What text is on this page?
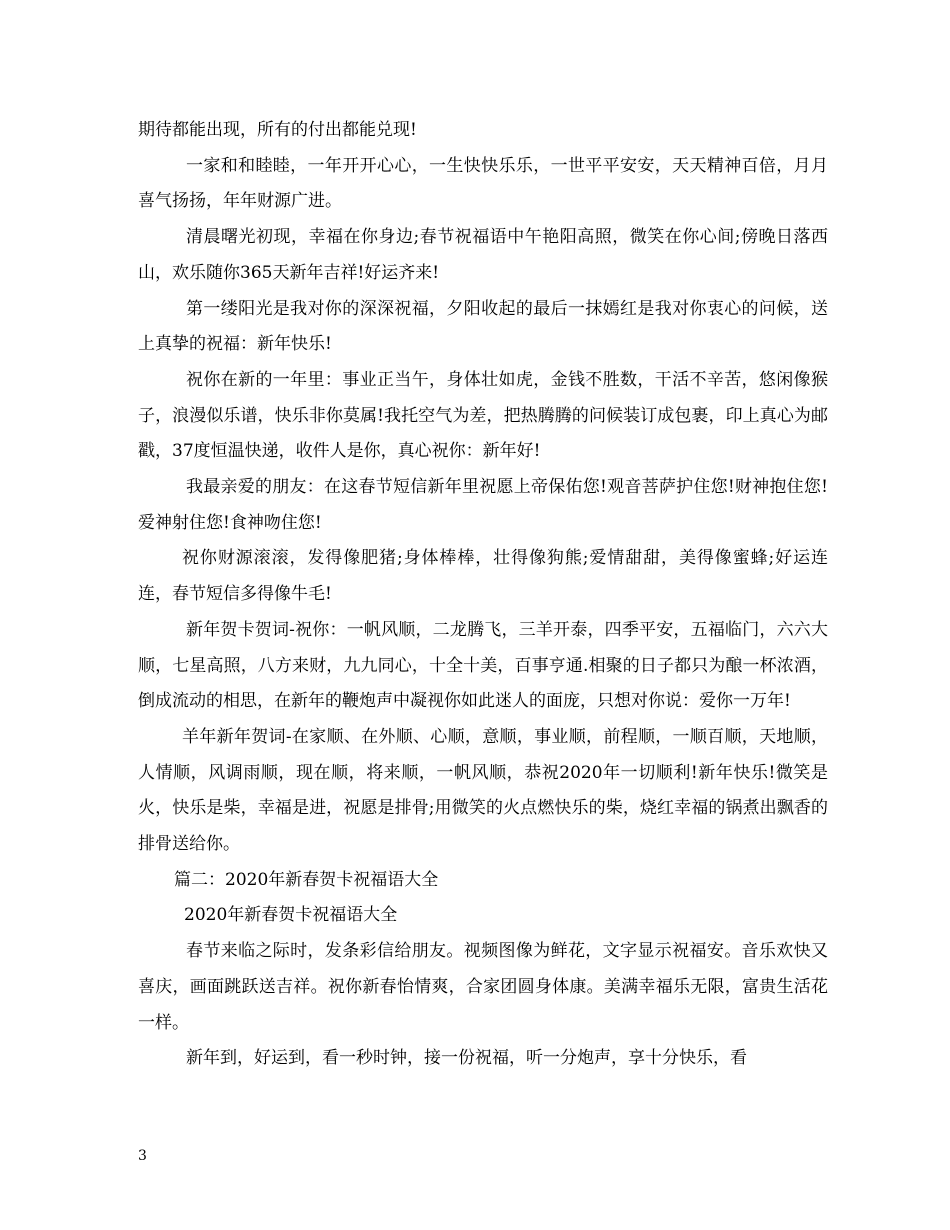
期待都能出现，所有的付出都能兑现!

一家和和睦睦，一年开开心心，一生快快乐乐，一世平平安安，天天精神百倍，月月喜气扬扬，年年财源广进。

清晨曙光初现，幸福在你身边;春节祝福语中午艳阳高照，微笑在你心间;傍晚日落西山，欢乐随你365天新年吉祥!好运齐来!

第一缕阳光是我对你的深深祝福，夕阳收起的最后一抹嫣红是我对你衷心的问候，送上真挚的祝福：新年快乐!

祝你在新的一年里：事业正当午，身体壮如虎，金钱不胜数，干活不辛苦，悠闲像猴子，浪漫似乐谱，快乐非你莫属!我托空气为差，把热腾腾的问候装订成包裹，印上真心为邮戳，37度恒温快递，收件人是你，真心祝你：新年好!

我最亲爱的朋友：在这春节短信新年里祝愿上帝保佑您!观音菩萨护住您!财神抱住您!爱神射住您!食神吻住您!

祝你财源滚滚，发得像肥猪;身体棒棒，壮得像狗熊;爱情甜甜，美得像蜜蜂;好运连连，春节短信多得像牛毛!

新年贺卡贺词-祝你：一帆风顺，二龙腾飞，三羊开泰，四季平安，五福临门，六六大顺，七星高照，八方来财，九九同心，十全十美，百事亨通.相聚的日子都只为酿一杯浓酒，倒成流动的相思，在新年的鞭炮声中凝视你如此迷人的面庞，只想对你说：爱你一万年!

羊年新年贺词-在家顺、在外顺、心顺，意顺，事业顺，前程顺，一顺百顺，天地顺，人情顺，风调雨顺，现在顺，将来顺，一帆风顺，恭祝2020年一切顺利!新年快乐!微笑是火，快乐是柴，幸福是进，祝愿是排骨;用微笑的火点燃快乐的柴，烧红幸福的锅煮出飘香的排骨送给你。

篇二：2020年新春贺卡祝福语大全

2020年新春贺卡祝福语大全

春节来临之际时，发条彩信给朋友。视频图像为鲜花，文字显示祝福安。音乐欢快又喜庆，画面跳跃送吉祥。祝你新春怡情爽，合家团圆身体康。美满幸福乐无限，富贵生活花一样。

新年到，好运到，看一秒时钟，接一份祝福，听一分炮声，享十分快乐，看

3
